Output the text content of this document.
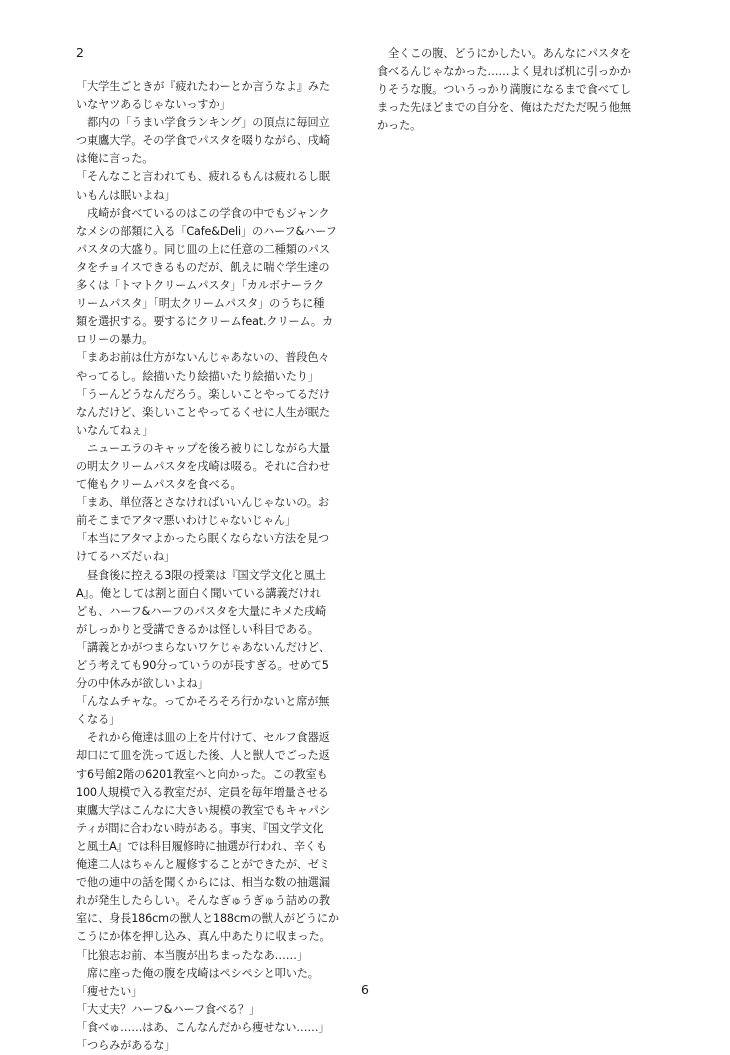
2

「大学生ごときが『疲れたわーとか言うなよ』みた
いなヤツあるじゃないっすか」
　都内の「うまい学食ランキング」の頂点に毎回立
つ東鷹大学。その学食でパスタを啜りながら、戌崎
は俺に言った。
「そんなこと言われても、疲れるもんは疲れるし眠
いもんは眠いよね」
　戌崎が食べているのはこの学食の中でもジャンク
なメシの部類に入る「Cafe&Deli」のハーフ&ハーフ
パスタの大盛り。同じ皿の上に任意の二種類のパス
タをチョイスできるものだが、飢えに喘ぐ学生達の
多くは「トマトクリームパスタ」「カルボナーラク
リームパスタ」「明太クリームパスタ」のうちに種
類を選択する。要するにクリームfeat.クリーム。カ
ロリーの暴力。
「まあお前は仕方がないんじゃあないの、普段色々
やってるし。絵描いたり絵描いたり絵描いたり」
「うーんどうなんだろう。楽しいことやってるだけ
なんだけど、楽しいことやってるくせに人生が眠た
いなんてねぇ」
　ニューエラのキャップを後ろ被りにしながら大量
の明太クリームパスタを戌崎は啜る。それに合わせ
て俺もクリームパスタを食べる。
「まあ、単位落とさなければいいんじゃないの。お
前そこまでアタマ悪いわけじゃないじゃん」
「本当にアタマよかったら眠くならない方法を見つ
けてるハズだぃね」
　昼食後に控える3限の授業は『国文学文化と風土
A』。俺としては割と面白く聞いている講義だけれ
ども、ハーフ&ハーフのパスタを大量にキメた戌崎
がしっかりと受講できるかは怪しい科目である。
「講義とかがつまらないワケじゃあないんだけど、
どう考えても90分っていうのが長すぎる。せめて5
分の中休みが欲しいよね」
「んなムチャな。ってかそろそろ行かないと席が無
くなる」
　それから俺達は皿の上を片付けて、セルフ食器返
却口にて皿を洗って返した後、人と獣人でごった返
す6号館2階の6201教室へと向かった。この教室も
100人規模で入る教室だが、定員を毎年増量させる
東鷹大学はこんなに大きい規模の教室でもキャパシ
ティが間に合わない時がある。事実、『国文学文化
と風土A』では科目履修時に抽選が行われ、辛くも
俺達二人はちゃんと履修することができたが、ゼミ
で他の連中の話を聞くからには、相当な数の抽選漏
れが発生したらしい。そんなぎゅうぎゅう詰めの教
室に、身長186cmの獣人と188cmの獣人がどうにか
こうにか体を押し込み、真ん中あたりに収まった。
「比狼志お前、本当腹が出ちまったなあ……」
　席に座った俺の腹を戌崎はペシペシと叩いた。
「痩せたい」
「大丈夫？ハーフ&ハーフ食べる？」
「食べゅ……はあ、こんなんだから痩せない……」
「つらみがあるな」
　全くこの腹、どうにかしたい。あんなにパスタを
食べるんじゃなかった……よく見れば机に引っかか
りそうな腹。ついうっかり満腹になるまで食べてし
まった先ほどまでの自分を、俺はただただ呪う他無
かった。
6
